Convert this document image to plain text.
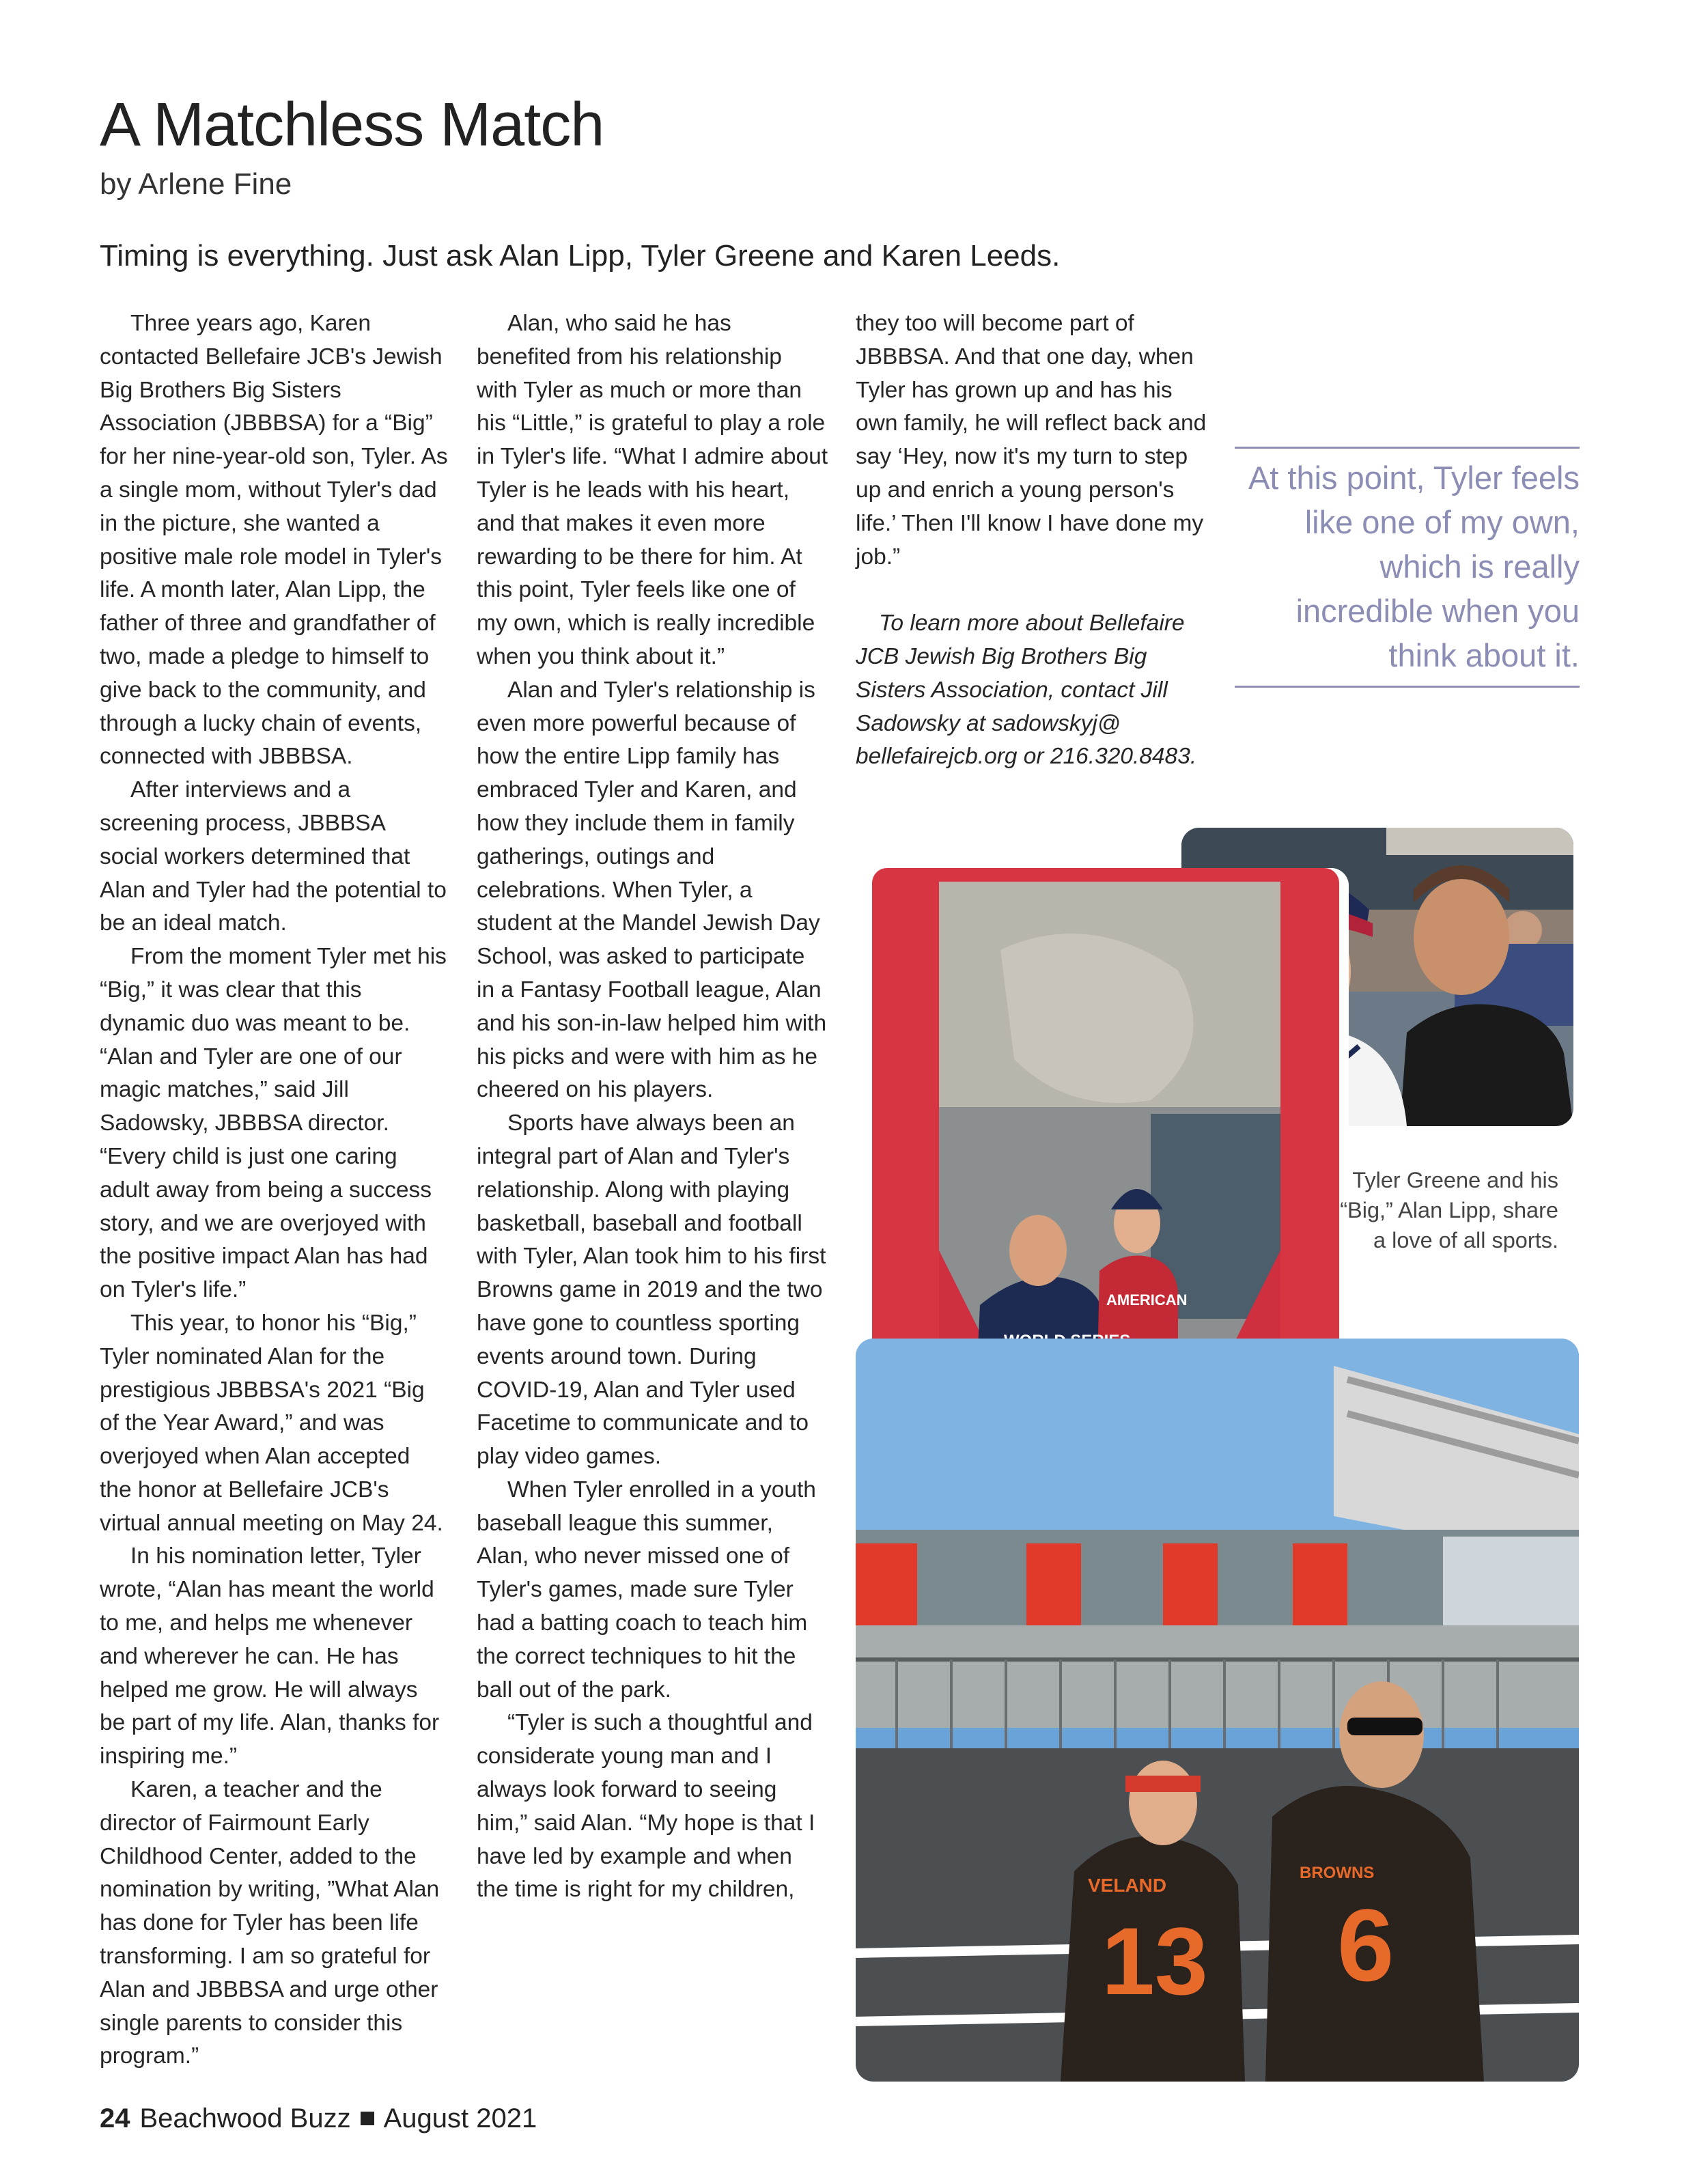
A Matchless Match
by Arlene Fine
Timing is everything. Just ask Alan Lipp, Tyler Greene and Karen Leeds.

Three years ago, Karen contacted Bellefaire JCB's Jewish Big Brothers Big Sisters Association (JBBBSA) for a “Big” for her nine-year-old son, Tyler. As a single mom, without Tyler's dad in the picture, she wanted a positive male role model in Tyler's life. A month later, Alan Lipp, the father of three and grandfather of two, made a pledge to himself to give back to the community, and through a lucky chain of events, connected with JBBBSA.

After interviews and a screening process, JBBBSA social workers determined that Alan and Tyler had the potential to be an ideal match.

From the moment Tyler met his “Big,” it was clear that this dynamic duo was meant to be. “Alan and Tyler are one of our magic matches,” said Jill Sadowsky, JBBBSA director. “Every child is just one caring adult away from being a success story, and we are overjoyed with the positive impact Alan has had on Tyler's life.”

This year, to honor his “Big,” Tyler nominated Alan for the prestigious JBBBSA's 2021 “Big of the Year Award,” and was overjoyed when Alan accepted the honor at Bellefaire JCB's virtual annual meeting on May 24.

In his nomination letter, Tyler wrote, “Alan has meant the world to me, and helps me whenever and wherever he can. He has helped me grow. He will always be part of my life. Alan, thanks for inspiring me.”

Karen, a teacher and the director of Fairmount Early Childhood Center, added to the nomination by writing, ”What Alan has done for Tyler has been life transforming. I am so grateful for Alan and JBBBSA and urge other single parents to consider this program.”

Alan, who said he has benefited from his relationship with Tyler as much or more than his “Little,” is grateful to play a role in Tyler's life. “What I admire about Tyler is he leads with his heart, and that makes it even more rewarding to be there for him. At this point, Tyler feels like one of my own, which is really incredible when you think about it.”

Alan and Tyler's relationship is even more powerful because of how the entire Lipp family has embraced Tyler and Karen, and how they include them in family gatherings, outings and celebrations. When Tyler, a student at the Mandel Jewish Day School, was asked to participate in a Fantasy Football league, Alan and his son-in-law helped him with his picks and were with him as he cheered on his players.

Sports have always been an integral part of Alan and Tyler's relationship. Along with playing basketball, baseball and football with Tyler, Alan took him to his first Browns game in 2019 and the two have gone to countless sporting events around town. During COVID-19, Alan and Tyler used Facetime to communicate and to play video games.

When Tyler enrolled in a youth baseball league this summer, Alan, who never missed one of Tyler's games, made sure Tyler had a batting coach to teach him the correct techniques to hit the ball out of the park.

“Tyler is such a thoughtful and considerate young man and I always look forward to seeing him,” said Alan. “My hope is that I have led by example and when the time is right for my children,

they too will become part of JBBBSA. And that one day, when Tyler has grown up and has his own family, he will reflect back and say ‘Hey, now it's my turn to step up and enrich a young person's life.’ Then I'll know I have done my job.”

To learn more about Bellefaire JCB Jewish Big Brothers Big Sisters Association, contact Jill Sadowsky at sadowskyj@ bellefairejcb.org or 216.320.8483.

At this point, Tyler feels like one of my own, which is really incredible when you think about it.
AMERICAN
BROWNS
6
VELAND
13
Tyler Greene and his “Big,” Alan Lipp, share a love of all sports.
24 Beachwood Buzz August 2021
